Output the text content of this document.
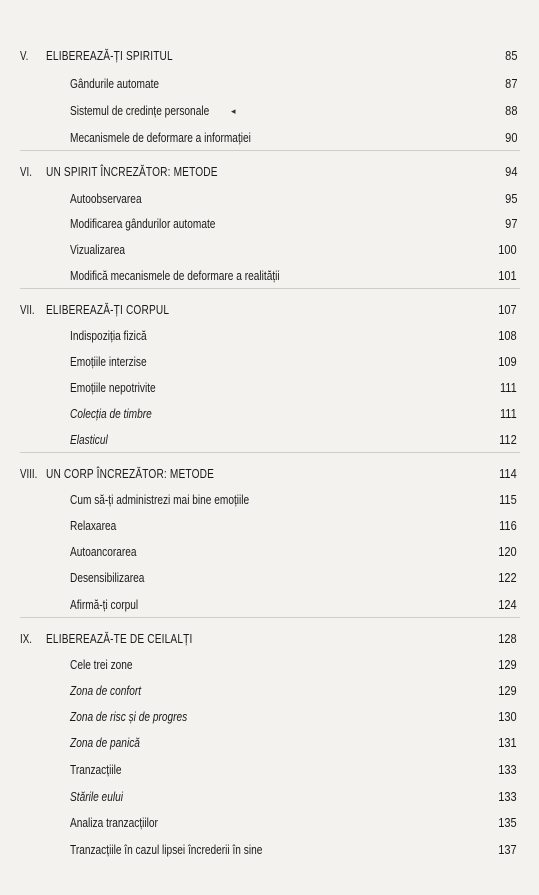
V. ELIBEREAZĂ-ȚI SPIRITUL	85
Gândurile automate	87
Sistemul de credințe personale	88
Mecanismele de deformare a informației	90
VI. UN SPIRIT ÎNCREZĂTOR: METODE	94
Autoobservarea	95
Modificarea gândurilor automate	97
Vizualizarea	100
Modifică mecanismele de deformare a realității	101
VII. ELIBEREAZĂ-ȚI CORPUL	107
Indispoziția fizică	108
Emoțiile interzise	109
Emoțiile nepotrivite	111
Colecția de timbre	111
Elasticul	112
VIII. UN CORP ÎNCREZĂTOR: METODE	114
Cum să-ți administrezi mai bine emoțiile	115
Relaxarea	116
Autoancorarea	120
Desensibilizarea	122
Afirmă-ți corpul	124
IX. ELIBEREAZĂ-TE DE CEILALȚI	128
Cele trei zone	129
Zona de confort	129
Zona de risc și de progres	130
Zona de panică	131
Tranzacțiile	133
Stările eului	133
Analiza tranzacțiilor	135
Tranzacțiile în cazul lipsei încrederii în sine	137
◂
